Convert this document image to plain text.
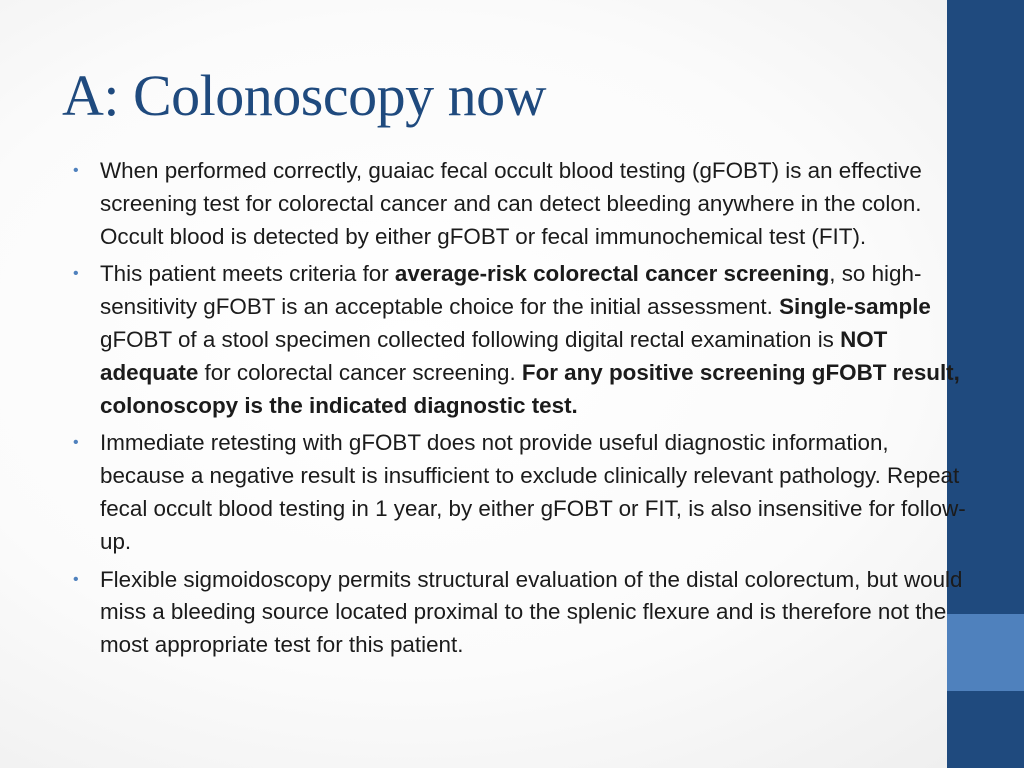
A: Colonoscopy now
• When performed correctly, guaiac fecal occult blood testing (gFOBT) is an effective screening test for colorectal cancer and can detect bleeding anywhere in the colon. Occult blood is detected by either gFOBT or fecal immunochemical test (FIT).
• This patient meets criteria for average-risk colorectal cancer screening, so high-sensitivity gFOBT is an acceptable choice for the initial assessment. Single-sample gFOBT of a stool specimen collected following digital rectal examination is NOT adequate for colorectal cancer screening. For any positive screening gFOBT result, colonoscopy is the indicated diagnostic test.
• Immediate retesting with gFOBT does not provide useful diagnostic information, because a negative result is insufficient to exclude clinically relevant pathology. Repeat fecal occult blood testing in 1 year, by either gFOBT or FIT, is also insensitive for follow-up.
• Flexible sigmoidoscopy permits structural evaluation of the distal colorectum, but would miss a bleeding source located proximal to the splenic flexure and is therefore not the most appropriate test for this patient.
